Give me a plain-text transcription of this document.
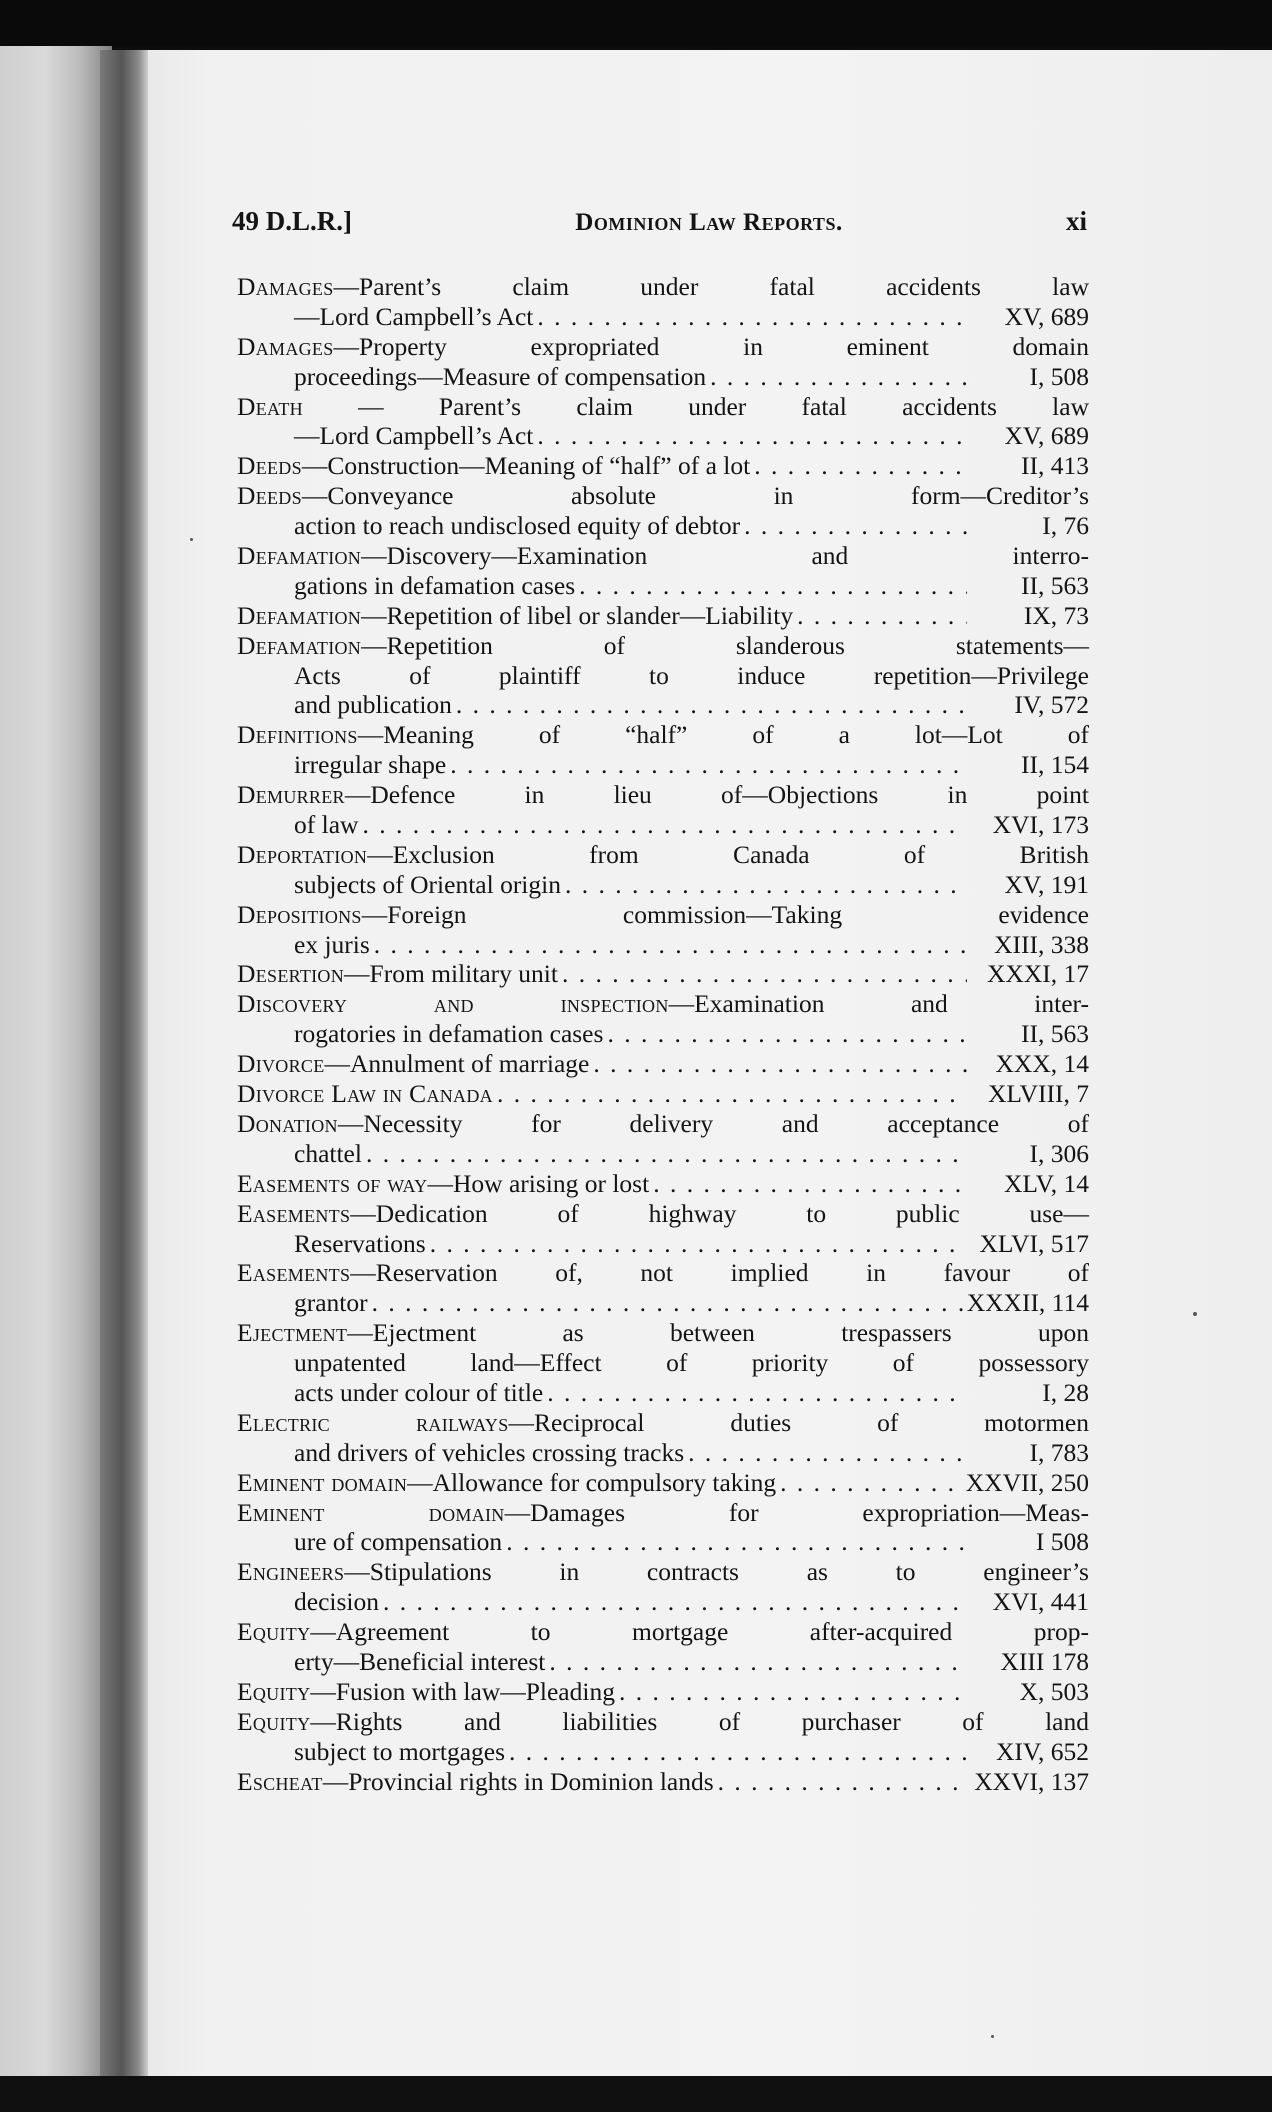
49 D.L.R.]	Dominion Law Reports.	xi
Damages—Parent’s claim under fatal accidents law
—Lord Campbell’s Act . . .	XV, 689
Damages—Property expropriated in eminent domain
proceedings—Measure of compensation . . .	I, 508
Death — Parent’s claim under fatal accidents law
—Lord Campbell’s Act . . .	XV, 689
Deeds—Construction—Meaning of “half” of a lot . . .	II, 413
Deeds—Conveyance absolute in form—Creditor’s
action to reach undisclosed equity of debtor . . .	I, 76
Defamation—Discovery—Examination and interro-
gations in defamation cases . . .	II, 563
Defamation—Repetition of libel or slander—Liability . . .	IX, 73
Defamation—Repetition of slanderous statements—
Acts of plaintiff to induce repetition—Privilege
and publication . . .	IV, 572
Definitions—Meaning of “half” of a lot—Lot of
irregular shape . . .	II, 154
Demurrer—Defence in lieu of—Objections in point
of law . . .	XVI, 173
Deportation—Exclusion from Canada of British
subjects of Oriental origin . . .	XV, 191
Depositions—Foreign commission—Taking evidence
ex juris . . .	XIII, 338
Desertion—From military unit . . .	XXXI, 17
Discovery and inspection—Examination and inter-
rogatories in defamation cases . . .	II, 563
Divorce—Annulment of marriage . . .	XXX, 14
Divorce Law in Canada . . .	XLVIII, 7
Donation—Necessity for delivery and acceptance of
chattel . . .	I, 306
Easements of way—How arising or lost . . .	XLV, 14
Easements—Dedication of highway to public use—
Reservations . . .	XLVI, 517
Easements—Reservation of, not implied in favour of
grantor . . .	XXXII, 114
Ejectment—Ejectment as between trespassers upon
unpatented land—Effect of priority of possessory
acts under colour of title . . .	I, 28
Electric railways—Reciprocal duties of motormen
and drivers of vehicles crossing tracks . . .	I, 783
Eminent domain—Allowance for compulsory taking . . .	XXVII, 250
Eminent domain—Damages for expropriation—Meas-
ure of compensation . . .	I 508
Engineers—Stipulations in contracts as to engineer’s
decision . . .	XVI, 441
Equity—Agreement to mortgage after-acquired prop-
erty—Beneficial interest . . .	XIII 178
Equity—Fusion with law—Pleading . . .	X, 503
Equity—Rights and liabilities of purchaser of land
subject to mortgages . . .	XIV, 652
Escheat—Provincial rights in Dominion lands . . .	XXVI, 137
